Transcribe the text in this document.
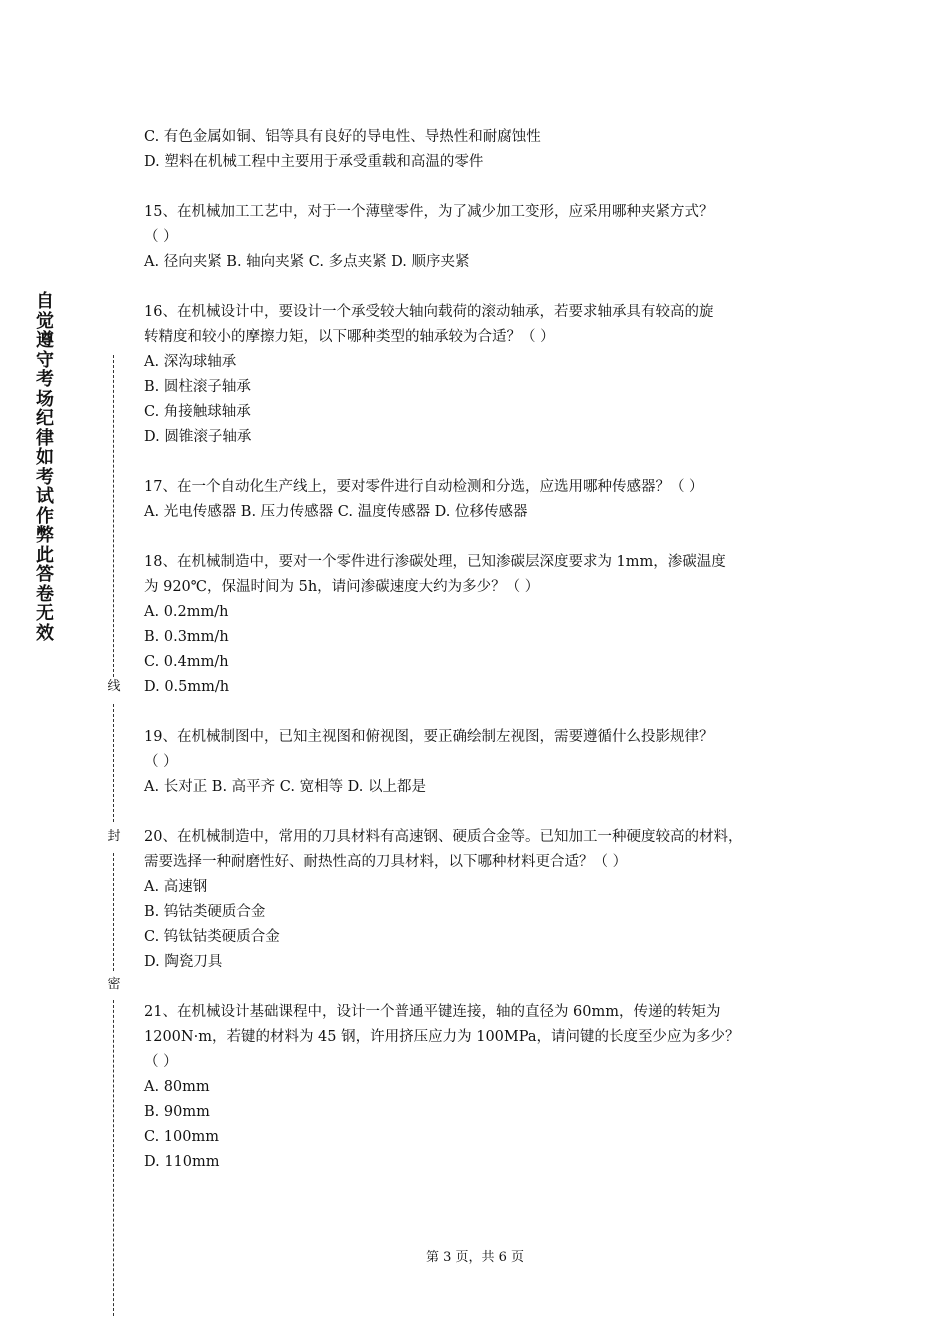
自觉遵守考场纪律如考试作弊此答卷无效
线
封
密
C. 有色金属如铜、铝等具有良好的导电性、导热性和耐腐蚀性
D. 塑料在机械工程中主要用于承受重载和高温的零件
15、在机械加工工艺中，对于一个薄壁零件，为了减少加工变形，应采用哪种夹紧方式？
（ ）
A. 径向夹紧 B. 轴向夹紧 C. 多点夹紧 D. 顺序夹紧
16、在机械设计中，要设计一个承受较大轴向载荷的滚动轴承，若要求轴承具有较高的旋
转精度和较小的摩擦力矩，以下哪种类型的轴承较为合适？（ ）
A. 深沟球轴承
B. 圆柱滚子轴承
C. 角接触球轴承
D. 圆锥滚子轴承
17、在一个自动化生产线上，要对零件进行自动检测和分选，应选用哪种传感器？（ ）
A. 光电传感器 B. 压力传感器 C. 温度传感器 D. 位移传感器
18、在机械制造中，要对一个零件进行渗碳处理，已知渗碳层深度要求为 1mm，渗碳温度
为 920℃，保温时间为 5h，请问渗碳速度大约为多少？（ ）
A. 0.2mm/h
B. 0.3mm/h
C. 0.4mm/h
D. 0.5mm/h
19、在机械制图中，已知主视图和俯视图，要正确绘制左视图，需要遵循什么投影规律？
（ ）
A. 长对正 B. 高平齐 C. 宽相等 D. 以上都是
20、在机械制造中，常用的刀具材料有高速钢、硬质合金等。已知加工一种硬度较高的材料，
需要选择一种耐磨性好、耐热性高的刀具材料，以下哪种材料更合适？（ ）
A. 高速钢
B. 钨钴类硬质合金
C. 钨钛钴类硬质合金
D. 陶瓷刀具
21、在机械设计基础课程中，设计一个普通平键连接，轴的直径为 60mm，传递的转矩为
1200N·m，若键的材料为 45 钢，许用挤压应力为 100MPa，请问键的长度至少应为多少？
（ ）
A. 80mm
B. 90mm
C. 100mm
D. 110mm
第 3 页，共 6 页
